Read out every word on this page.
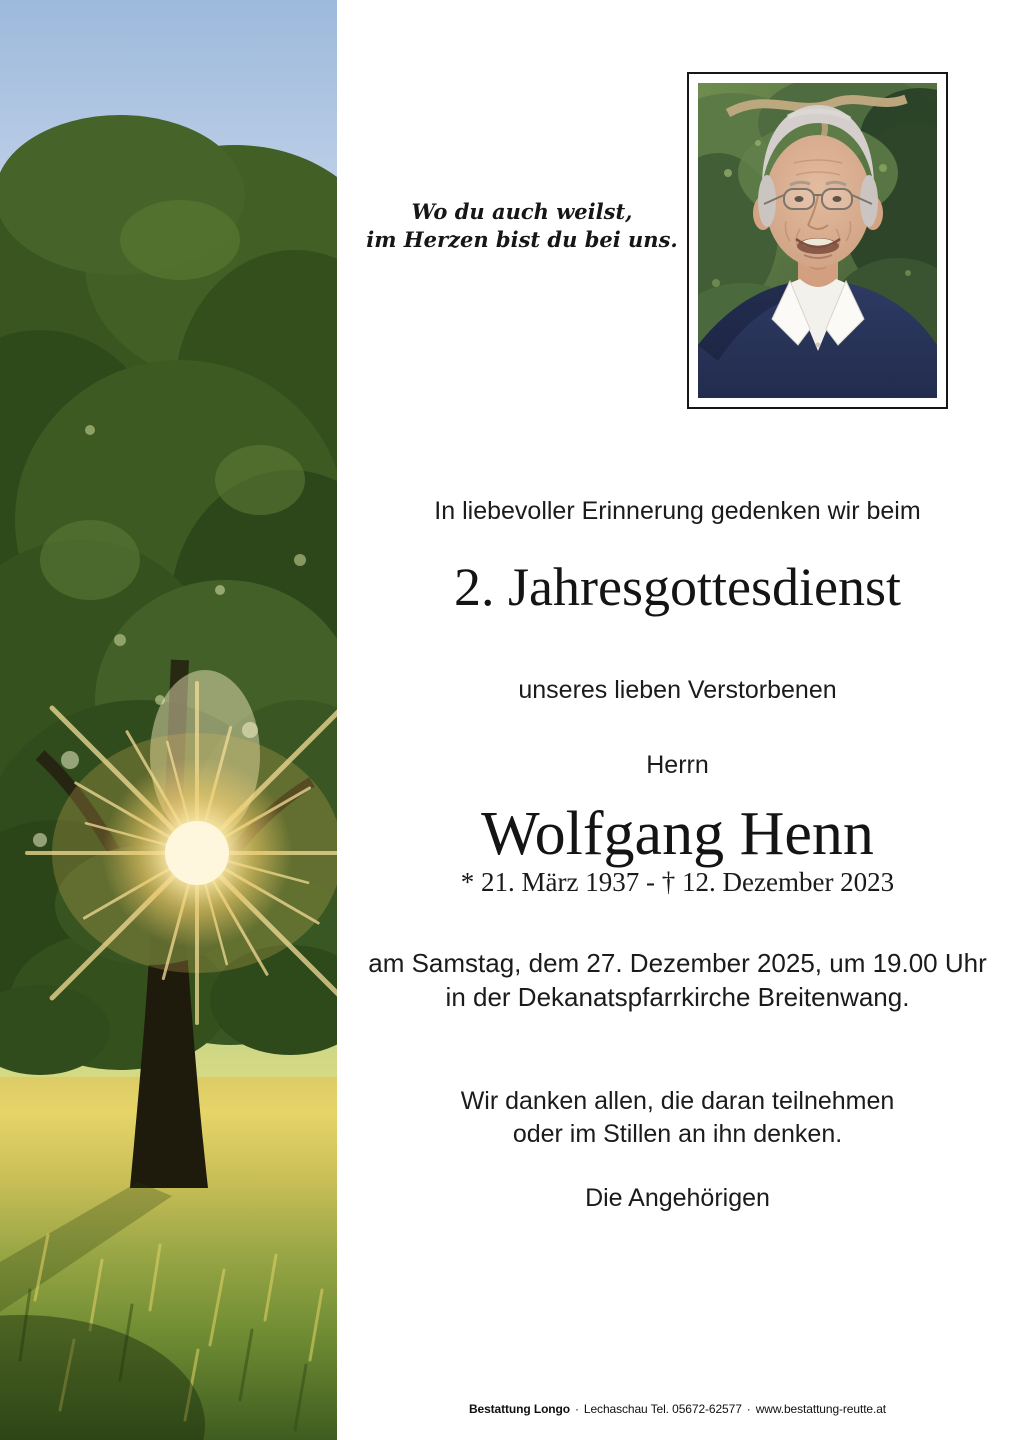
Wo du auch weilst,
im Herzen bist du bei uns.
In liebevoller Erinnerung gedenken wir beim
2. Jahresgottesdienst
unseres lieben Verstorbenen
Herrn
Wolfgang Henn
* 21. März 1937 - † 12. Dezember 2023
am Samstag, dem 27. Dezember 2025, um 19.00 Uhr
in der Dekanatspfarrkirche Breitenwang.
Wir danken allen, die daran teilnehmen
oder im Stillen an ihn denken.
Die Angehörigen
Bestattung Longo · Lechaschau Tel. 05672-62577 · www.bestattung-reutte.at
